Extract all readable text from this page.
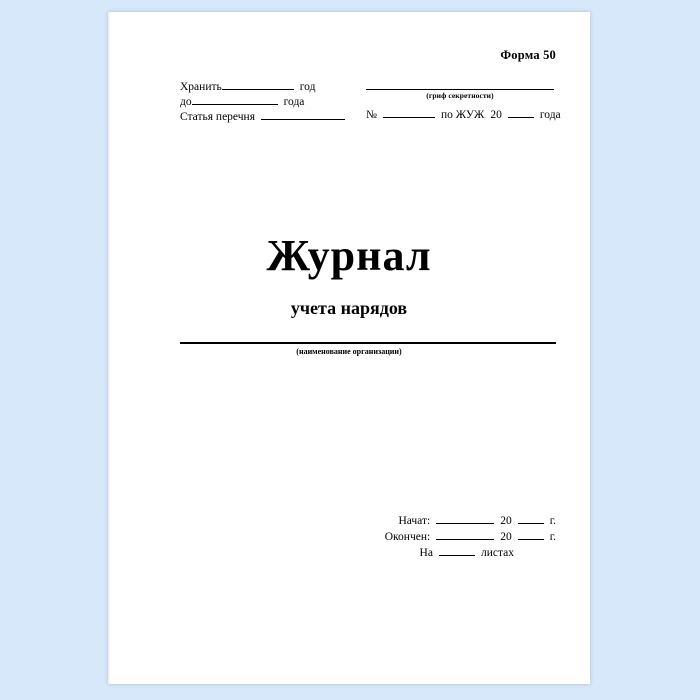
Форма 50
Хранить	год
до	года
Статья перечня
(гриф секретности)
№	по ЖУЖ 20	года
Журнал
учета нарядов
(наименование организации)
Начат:	20	г.
Окончен:	20	г.
На	листах
